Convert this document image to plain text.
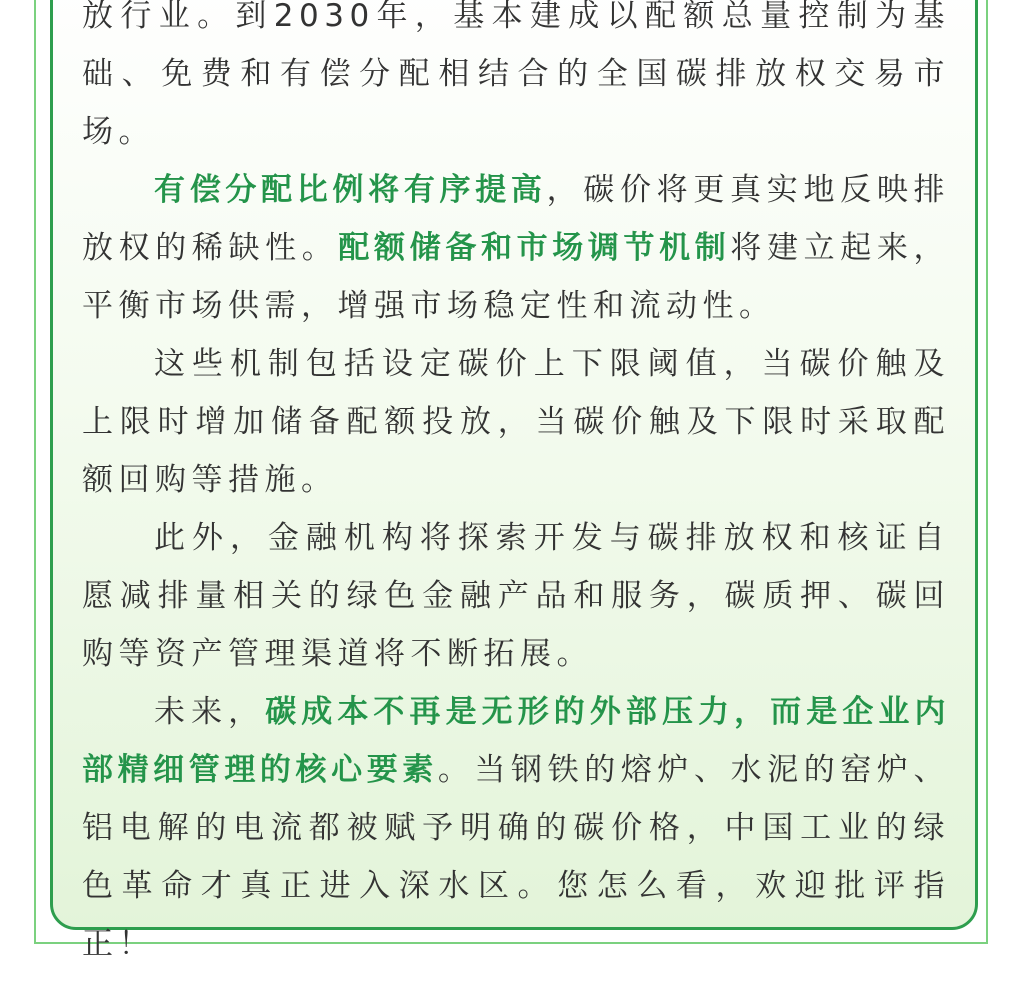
放行业。到2030年，基本建成以配额总量控制为基础、免费和有偿分配相结合的全国碳排放权交易市场。

有偿分配比例将有序提高，碳价将更真实地反映排放权的稀缺性。配额储备和市场调节机制将建立起来，平衡市场供需，增强市场稳定性和流动性。

这些机制包括设定碳价上下限阈值，当碳价触及上限时增加储备配额投放，当碳价触及下限时采取配额回购等措施。

此外，金融机构将探索开发与碳排放权和核证自愿减排量相关的绿色金融产品和服务，碳质押、碳回购等资产管理渠道将不断拓展。

未来，碳成本不再是无形的外部压力，而是企业内部精细管理的核心要素。当钢铁的熔炉、水泥的窑炉、铝电解的电流都被赋予明确的碳价格，中国工业的绿色革命才真正进入深水区。您怎么看，欢迎批评指正！
